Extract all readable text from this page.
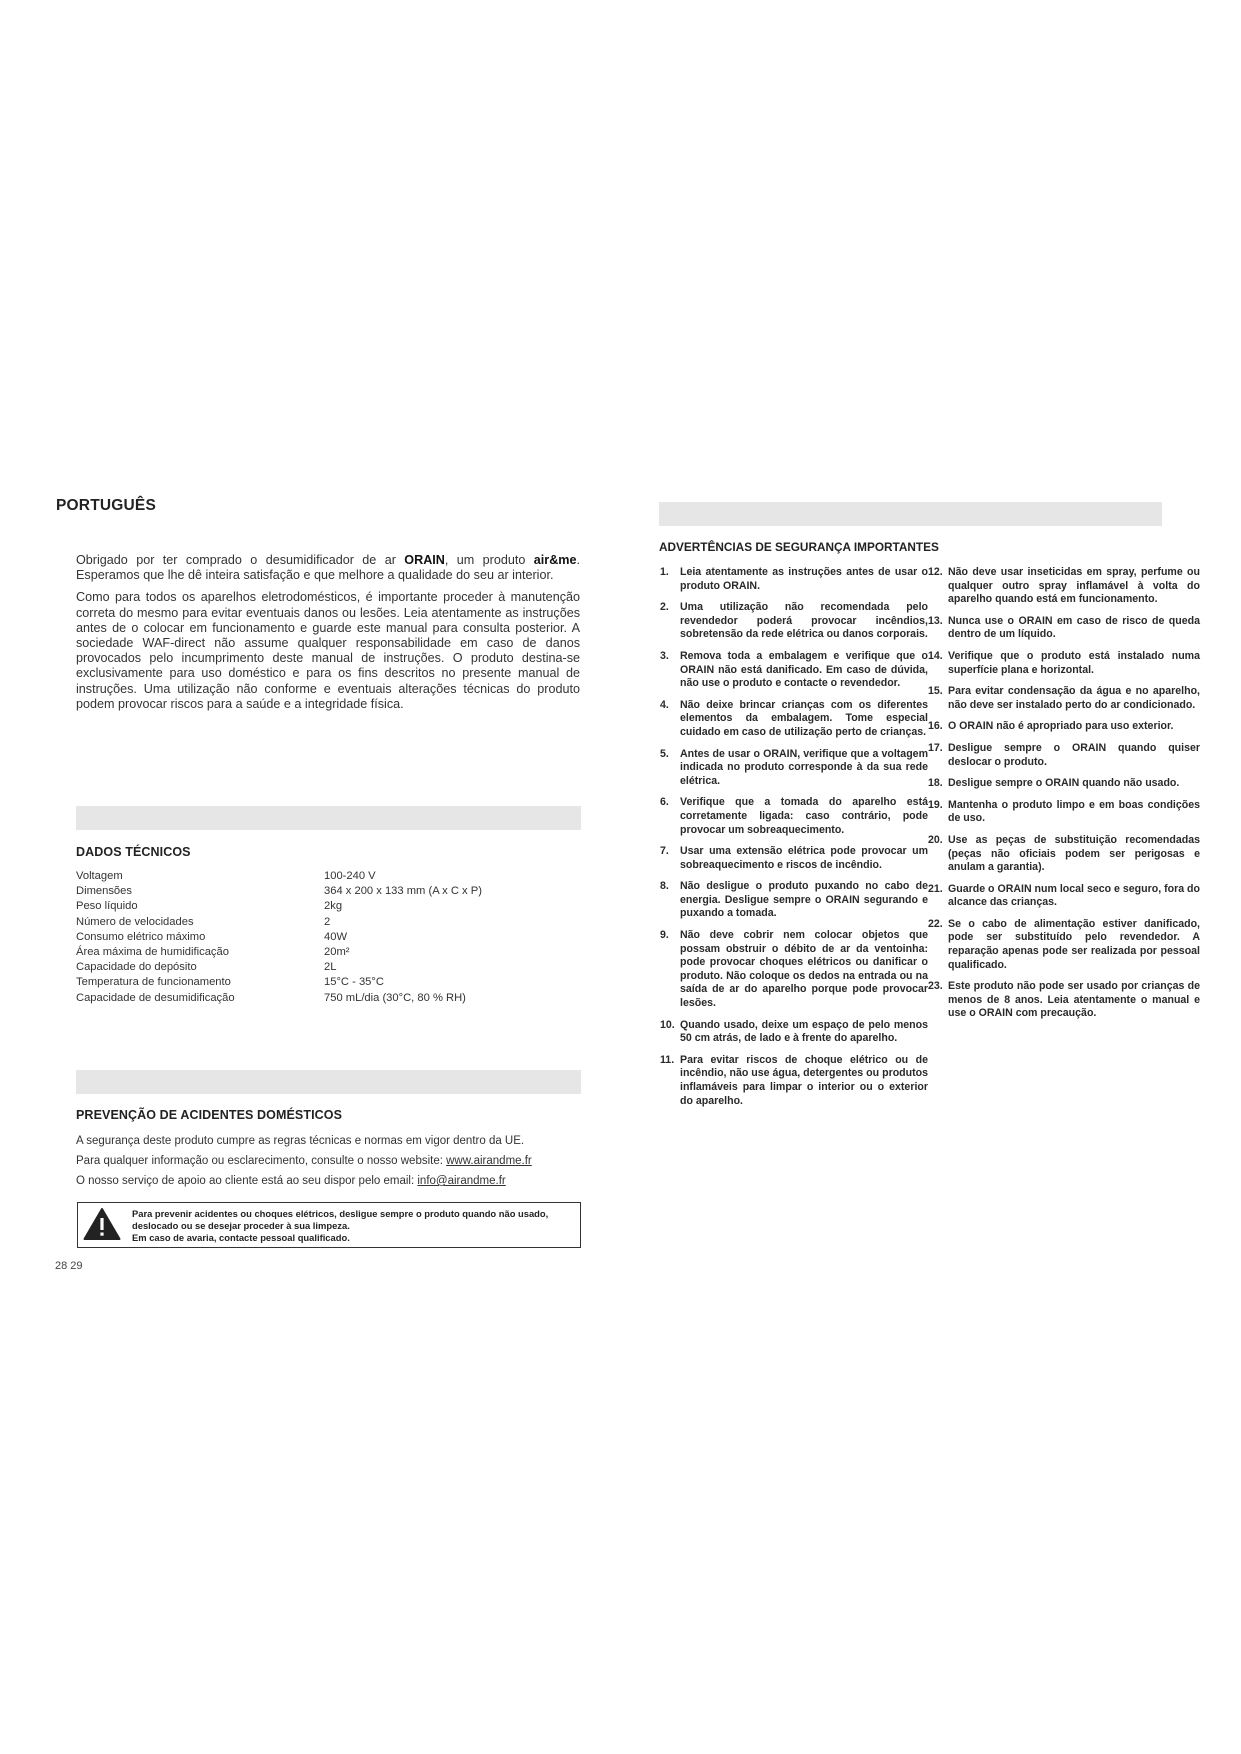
PORTUGUÊS

Obrigado por ter comprado o desumidificador de ar ORAIN, um produto air&me. Esperamos que lhe dê inteira satisfação e que melhore a qualidade do seu ar interior.

Como para todos os aparelhos eletrodomésticos, é importante proceder à manutenção correta do mesmo para evitar eventuais danos ou lesões. Leia atentamente as instruções antes de o colocar em funcionamento e guarde este manual para consulta posterior. A sociedade WAF-direct não assume qualquer responsabilidade em caso de danos provocados pelo incumprimento deste manual de instruções. O produto destina-se exclusivamente para uso doméstico e para os fins descritos no presente manual de instruções. Uma utilização não conforme e eventuais alterações técnicas do produto podem provocar riscos para a saúde e a integridade física.

DADOS TÉCNICOS
Voltagem	100-240 V
Dimensões	364 x 200 x 133 mm (A x C x P)
Peso líquido	2kg
Número de velocidades	2
Consumo elétrico máximo	40W
Área máxima de humidificação	20m²
Capacidade do depósito	2L
Temperatura de funcionamento	15°C - 35°C
Capacidade de desumidificação	750 mL/dia (30°C, 80 % RH)
PREVENÇÃO DE ACIDENTES DOMÉSTICOS
A segurança deste produto cumpre as regras técnicas e normas em vigor dentro da UE.
Para qualquer informação ou esclarecimento, consulte o nosso website: www.airandme.fr
O nosso serviço de apoio ao cliente está ao seu dispor pelo email: info@airandme.fr
Para prevenir acidentes ou choques elétricos, desligue sempre o produto quando não usado,
deslocado ou se desejar proceder à sua limpeza.
Em caso de avaria, contacte pessoal qualificado.
28 29
ADVERTÊNCIAS DE SEGURANÇA IMPORTANTES
1.	Leia atentamente as instruções antes de usar o produto ORAIN.
2.	Uma utilização não recomendada pelo revendedor poderá provocar incêndios, sobretensão da rede elétrica ou danos corporais.
3.	Remova toda a embalagem e verifique que o ORAIN não está danificado. Em caso de dúvida, não use o produto e contacte o revendedor.
4.	Não deixe brincar crianças com os diferentes elementos da embalagem. Tome especial cuidado em caso de utilização perto de crianças.
5.	Antes de usar o ORAIN, verifique que a voltagem indicada no produto corresponde à da sua rede elétrica.
6.	Verifique que a tomada do aparelho está corretamente ligada: caso contrário, pode provocar um sobreaquecimento.
7.	Usar uma extensão elétrica pode provocar um sobreaquecimento e riscos de incêndio.
8.	Não desligue o produto puxando no cabo de energia. Desligue sempre o ORAIN segurando e puxando a tomada.
9.	Não deve cobrir nem colocar objetos que possam obstruir o débito de ar da ventoinha: pode provocar choques elétricos ou danificar o produto. Não coloque os dedos na entrada ou na saída de ar do aparelho porque pode provocar lesões.
10. Quando usado, deixe um espaço de pelo menos 50 cm atrás, de lado e à frente do aparelho.
11. Para evitar riscos de choque elétrico ou de incêndio, não use água, detergentes ou produtos inflamáveis para limpar o interior ou o exterior do aparelho.
12. Não deve usar inseticidas em spray, perfume ou qualquer outro spray inflamável à volta do aparelho quando está em funcionamento.
13. Nunca use o ORAIN em caso de risco de queda dentro de um líquido.
14. Verifique que o produto está instalado numa superfície plana e horizontal.
15. Para evitar condensação da água e no aparelho, não deve ser instalado perto do ar condicionado.
16. O ORAIN não é apropriado para uso exterior.
17. Desligue sempre o ORAIN quando quiser deslocar o produto.
18. Desligue sempre o ORAIN quando não usado.
19. Mantenha o produto limpo e em boas condições de uso.
20. Use as peças de substituição recomendadas (peças não oficiais podem ser perigosas e anulam a garantia).
21. Guarde o ORAIN num local seco e seguro, fora do alcance das crianças.
22. Se o cabo de alimentação estiver danificado, pode ser substituído pelo revendedor. A reparação apenas pode ser realizada por pessoal qualificado.
23. Este produto não pode ser usado por crianças de menos de 8 anos. Leia atentamente o manual e use o ORAIN com precaução.
